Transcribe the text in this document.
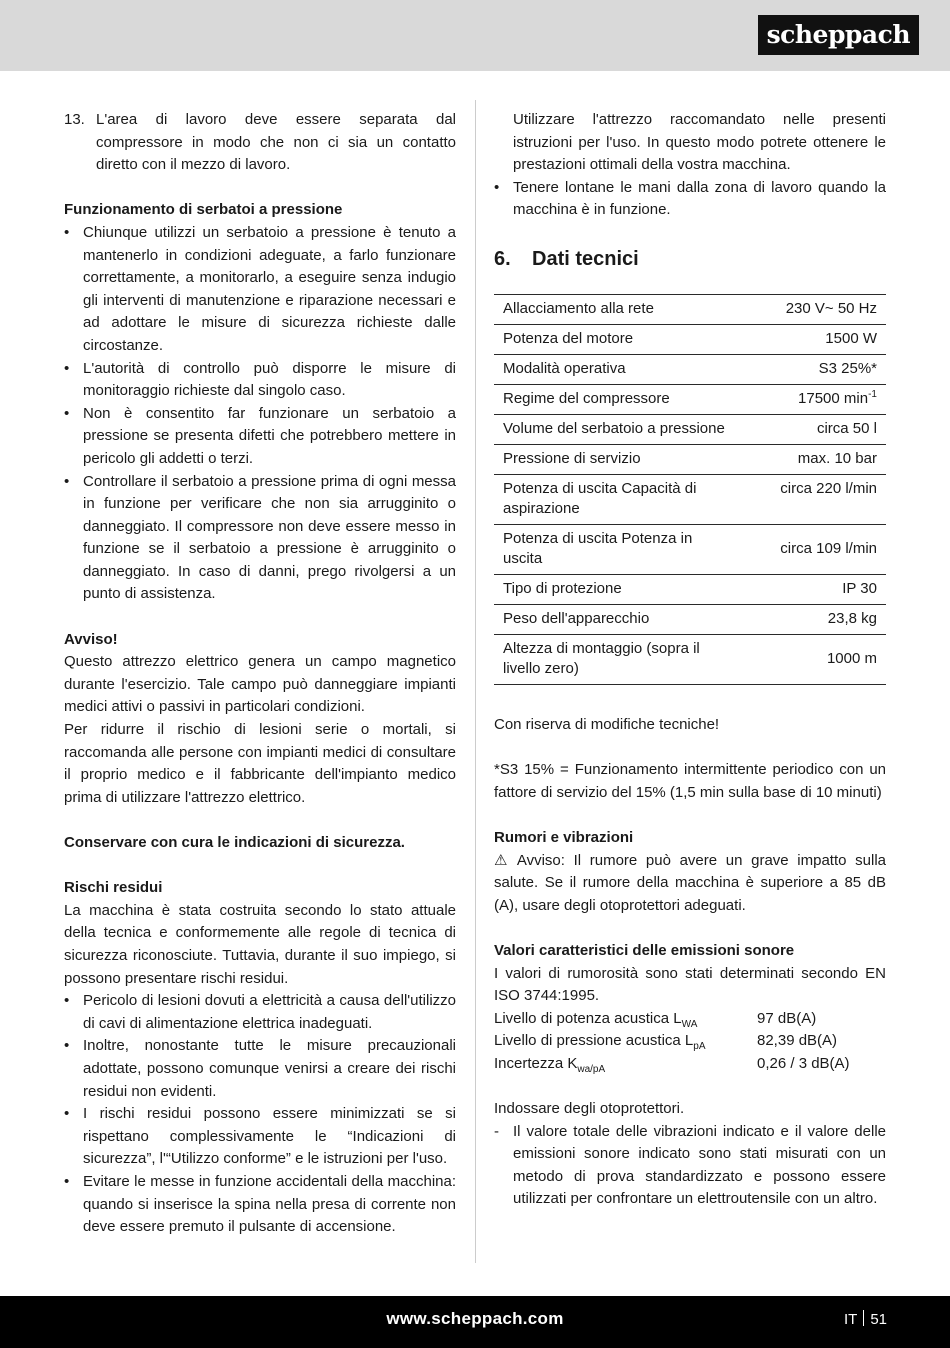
scheppach
13. L'area di lavoro deve essere separata dal compressore in modo che non ci sia un contatto diretto con il mezzo di lavoro.

Funzionamento di serbatoi a pressione

• Chiunque utilizzi un serbatoio a pressione è tenuto a mantenerlo in condizioni adeguate, a farlo funzionare correttamente, a monitorarlo, a eseguire senza indugio gli interventi di manutenzione e riparazione necessari e ad adottare le misure di sicurezza richieste dalle circostanze.
• L'autorità di controllo può disporre le misure di monitoraggio richieste dal singolo caso.
• Non è consentito far funzionare un serbatoio a pressione se presenta difetti che potrebbero mettere in pericolo gli addetti o terzi.
• Controllare il serbatoio a pressione prima di ogni messa in funzione per verificare che non sia arrugginito o danneggiato. Il compressore non deve essere messo in funzione se il serbatoio a pressione è arrugginito o danneggiato. In caso di danni, prego rivolgersi a un punto di assistenza.

Avviso!

Questo attrezzo elettrico genera un campo magnetico durante l'esercizio. Tale campo può danneggiare impianti medici attivi o passivi in particolari condizioni.

Per ridurre il rischio di lesioni serie o mortali, si raccomanda alle persone con impianti medici di consultare il proprio medico e il fabbricante dell'impianto medico prima di utilizzare l'attrezzo elettrico.

Conservare con cura le indicazioni di sicurezza.

Rischi residui

La macchina è stata costruita secondo lo stato attuale della tecnica e conformemente alle regole di tecnica di sicurezza riconosciute. Tuttavia, durante il suo impiego, si possono presentare rischi residui.

• Pericolo di lesioni dovuti a elettricità a causa dell'utilizzo di cavi di alimentazione elettrica inadeguati.
• Inoltre, nonostante tutte le misure precauzionali adottate, possono comunque venirsi a creare dei rischi residui non evidenti.
• I rischi residui possono essere minimizzati se si rispettano complessivamente le “Indicazioni di sicurezza”, l'“Utilizzo conforme” e le istruzioni per l'uso.
• Evitare le messe in funzione accidentali della macchina: quando si inserisce la spina nella presa di corrente non deve essere premuto il pulsante di accensione.

Utilizzare l'attrezzo raccomandato nelle presenti istruzioni per l'uso. In questo modo potrete ottenere le prestazioni ottimali della vostra macchina.

• Tenere lontane le mani dalla zona di lavoro quando la macchina è in funzione.
6. Dati tecnici
Allacciamento alla rete	230 V~ 50 Hz
Potenza del motore	1500 W
Modalità operativa	S3 25%*
Regime del compressore	17500 $\min^{-1}$
Volume del serbatoio a pressione	circa 50 l
Pressione di servizio	max. 10 bar
Potenza di uscita Capacità di aspirazione	circa 220 l/min
Potenza di uscita Potenza in uscita	circa 109 l/min
Tipo di protezione	IP 30
Peso dell'apparecchio	23,8 kg
Altezza di montaggio (sopra il livello zero)	1000 m

Con riserva di modifiche tecniche!

*S3 15% = Funzionamento intermittente periodico con un fattore di servizio del 15% (1,5 min sulla base di 10 minuti)

Rumori e vibrazioni

⚠ Avviso: Il rumore può avere un grave impatto sulla salute. Se il rumore della macchina è superiore a 85 dB (A), usare degli otoprotettori adeguati.

Valori caratteristici delle emissioni sonore

I valori di rumorosità sono stati determinati secondo EN ISO 3744:1995.

Livello di potenza acustica $L_{WA}$	97 dB(A)
Livello di pressione acustica $L_{pA}$	82,39 dB(A)
Incertezza $K_{wa/pA}$	0,26 / 3 dB(A)

Indossare degli otoprotettori.

- Il valore totale delle vibrazioni indicato e il valore delle emissioni sonore indicato sono stati misurati con un metodo di prova standardizzato e possono essere utilizzati per confrontare un elettroutensile con un altro.
www.scheppach.com	IT 51
